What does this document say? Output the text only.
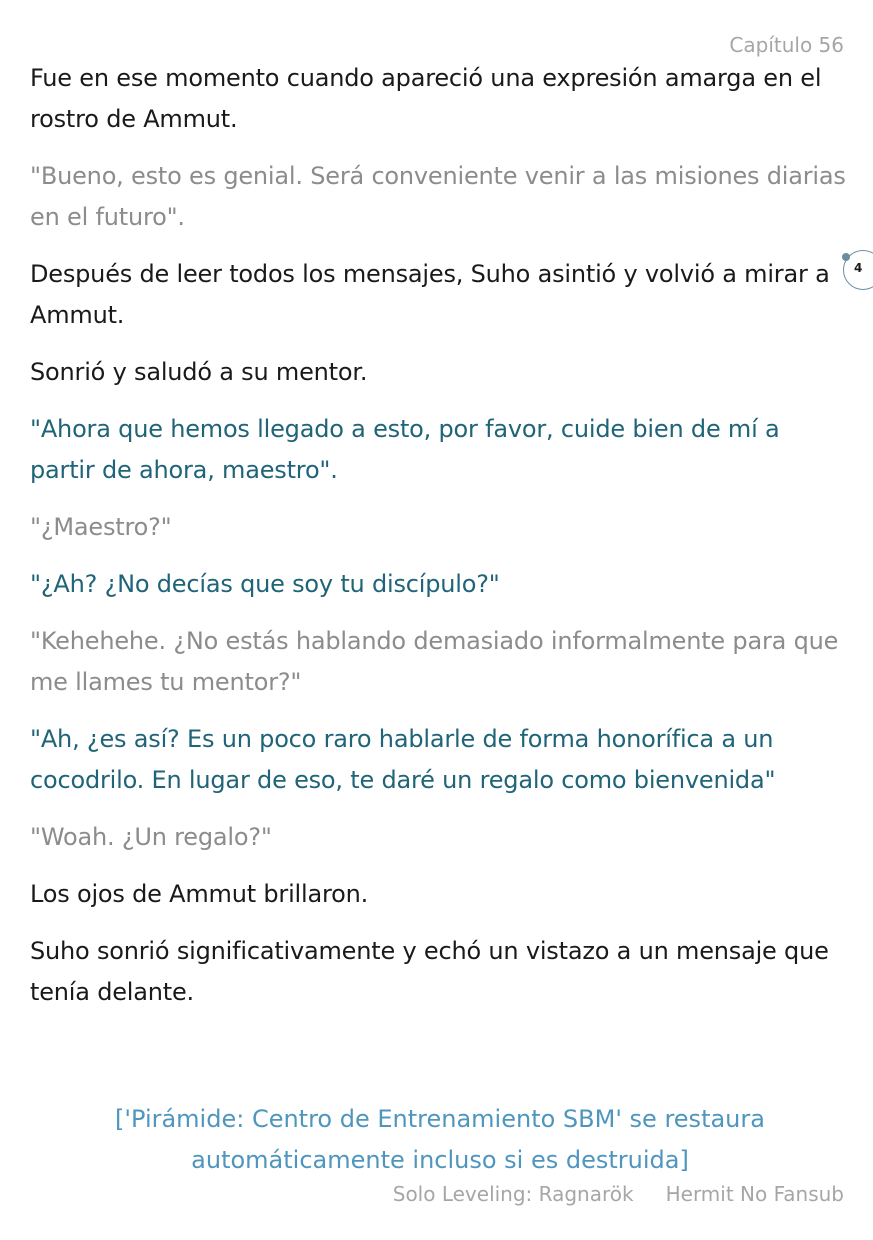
Capítulo 56

Fue en ese momento cuando apareció una expresión amarga en el rostro de Ammut.

"Bueno, esto es genial. Será conveniente venir a las misiones diarias en el futuro".

Después de leer todos los mensajes, Suho asintió y volvió a mirar a Ammut.

Sonrió y saludó a su mentor.

"Ahora que hemos llegado a esto, por favor, cuide bien de mí a partir de ahora, maestro".

"¿Maestro?"

"¿Ah? ¿No decías que soy tu discípulo?"

"Kehehehe. ¿No estás hablando demasiado informalmente para que me llames tu mentor?"

"Ah, ¿es así? Es un poco raro hablarle de forma honorífica a un cocodrilo. En lugar de eso, te daré un regalo como bienvenida"

"Woah. ¿Un regalo?"

Los ojos de Ammut brillaron.

Suho sonrió significativamente y echó un vistazo a un mensaje que tenía delante.

4

['Pirámide: Centro de Entrenamiento SBM' se restaura automáticamente incluso si es destruida]

Solo Leveling: Ragnarök Hermit No Fansub
